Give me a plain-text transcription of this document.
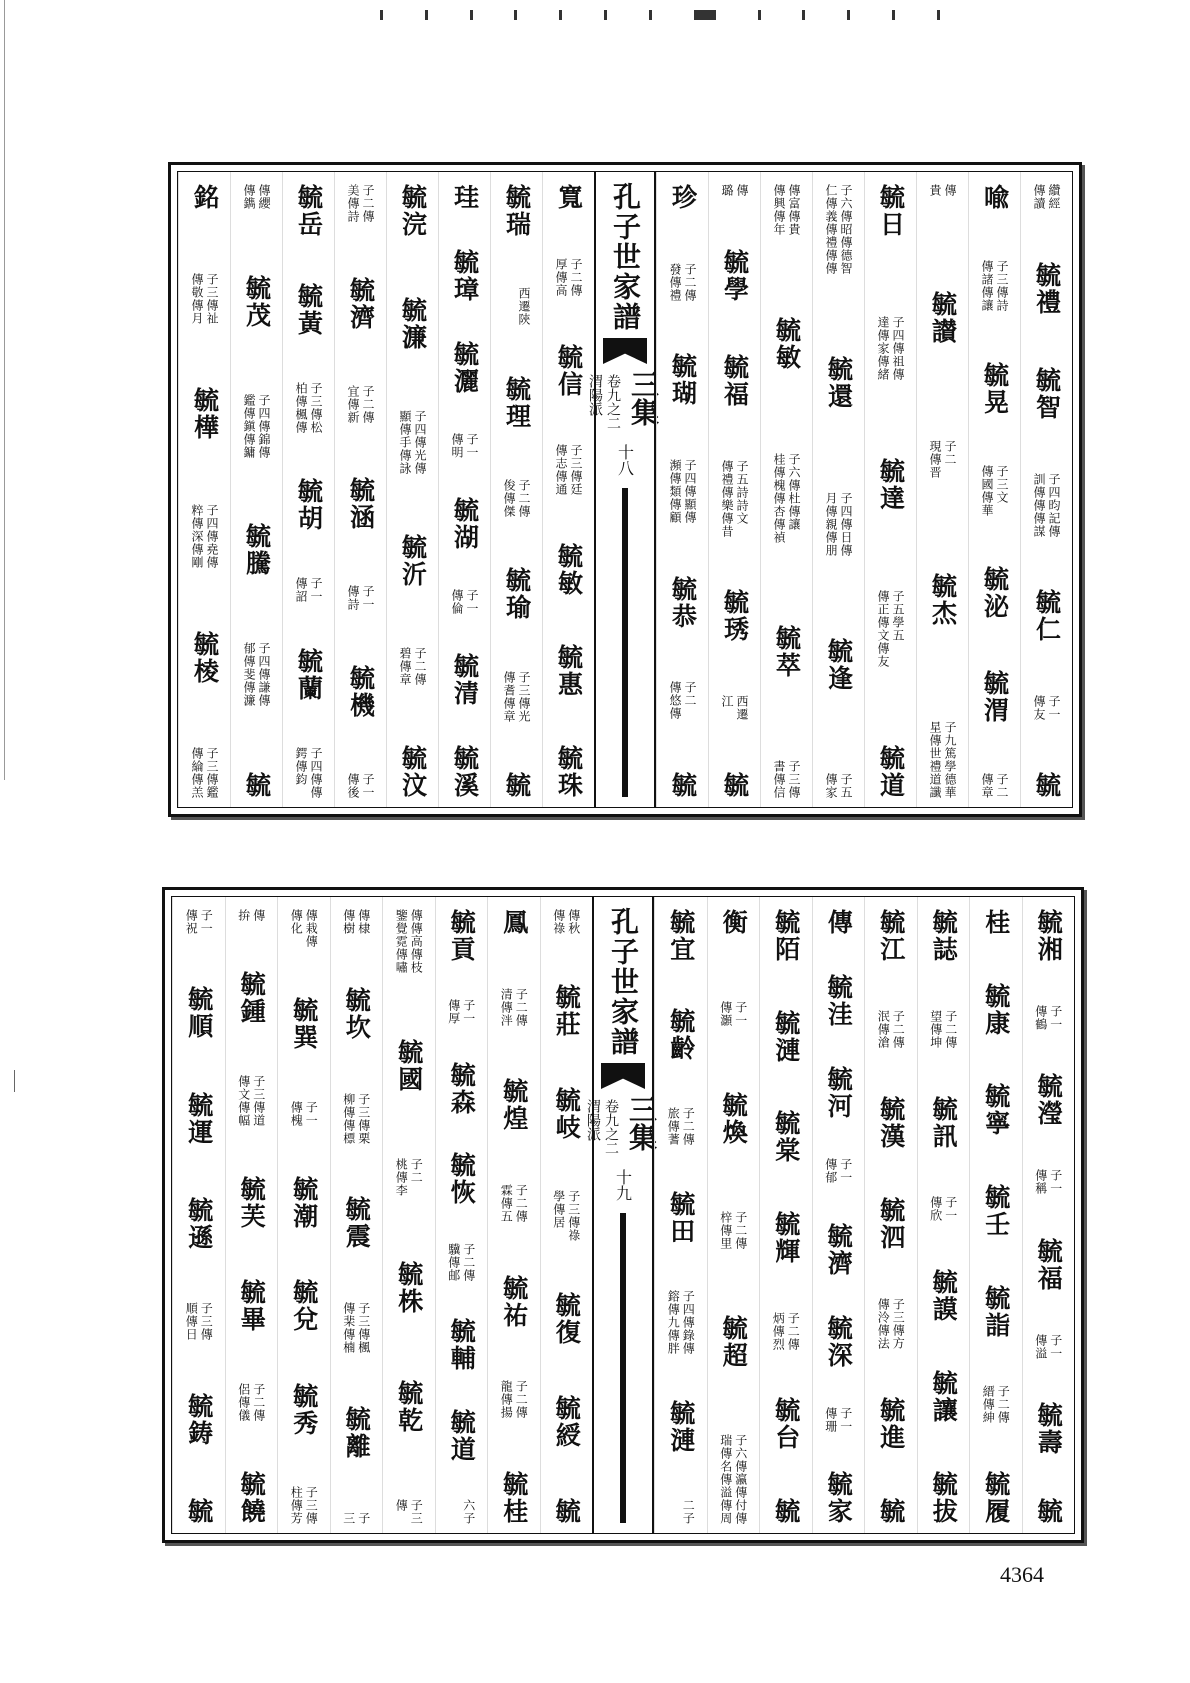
纘經
傳讀
毓禮
毓智
子四昀記傳
訓傳傳傳謀
毓仁
子一
傳友
毓
喩
子三傳詩
傳諸傳讓
毓晃
子三文
傳國傳華
毓泌
毓渭
子二
傳章
傳
貴
毓讃
子二
現傳晋
毓杰
子九篤學德華
星傳世禮道讖
毓日
子四傳祖傳
達傳家傳緒
毓達
子五學五
傳正傳文傳友
毓道
子六傳昭傳德智
仁傳義傳禮傳傳
毓還
子四傳日傳
月傳親傳朋
毓逢
子五
傳家
傳富傳貴
傳興傳年
毓敏
子六傳杜傳讓
桂傳槐傳杏傳禎
毓萃
子三傳
書傳信
傳
璐
毓學
毓福
子五詩詩文
傳禮傳樂傳昔
毓琇
西遷
江
毓
珍
子二傳
發傳禮
毓瑚
子四傳顯傳
瀕傳類傳顧
毓恭
子二
傳悠傳
毓
孔子世家譜
三集
卷九之二
渭陽派
十八
寬
子二傳
厚傳高
毓信
子三傳廷
傳志傳通
毓敏
毓惠
毓珠
毓瑞
西遷陝
毓理
子二傳
俊傳傑
毓瑜
子三傳光
傳耆傳章
毓
珪
毓璋
毓灑
子一
傳明
毓湖
子一
傳倫
毓清
毓溪
毓浣
毓濂
子四傳光傳
顯傳手傳詠
毓沂
子二傳
碧傳章
毓汶
子二傳
美傳詩
毓濟
子二傳
宜傳新
毓涵
子一
傳詩
毓機
子一
傳後
毓岳
毓黃
子三傳松
柏傳楓傳
毓胡
子一
傳詔
毓蘭
子四傳傳
鍔傳鈞
傳纓
傳鐫
毓茂
子四傳錦傳
鑑傳鎭傳鏞
毓騰
子四傳謙傳
郁傳斐傳濂
毓
銘
子三傳祉
傳敬傳月
毓樺
子四傳堯傳
粹傳深傳剛
毓棱
子三傳鑑
傳綸傳羔
毓湘
子一
傳鶴
毓瀅
子一
傳稱
毓福
子一
傳溢
毓壽
毓
桂
毓康
毓寧
毓壬
毓詣
子二傳
縉傳紳
毓履
毓誌
子二傳
望傳坤
毓訊
子一
傳欣
毓謨
毓讓
毓拔
毓江
子二傳
泯傳滄
毓漢
毓泗
子三傳方
傳泠傳法
毓進
毓
傳
毓洼
毓河
子一
傳郁
毓濟
毓深
子一
傳珊
毓家
毓陌
毓漣
毓棠
毓輝
子二傳
炳傳烈
毓台
毓
衡
子一
傳灝
毓煥
子二傳
梓傳里
毓超
子六傳瀛傳付傳
瑞傳名傳溢傳周
毓宜
毓齡
子二傳
旅傳蓍
毓田
子四傳錄傳
鎔傳九傳胖
毓漣
二子
孔子世家譜
三集
卷九之二
渭陽派
十九
傳秋
傳祿
毓莊
毓岐
子三傳祿
學傳居
毓復
毓綬
毓
鳳
子二傳
清傳泮
毓煌
子二傳
霖傳五
毓祐
子二傳
龍傳揚
毓桂
毓貢
子一
傳厚
毓森
毓恢
子二傳
驥傳邮
毓輔
毓道
六子
傳傳高傳枝
鑒覺霓傳嘯
毓國
子二
桃傳李
毓株
毓乾
子三
傳
傳棣
傳樹
毓坎
子三傳栗
柳傳傳標
毓震
子三傳楓
傳棐傳楠
毓離
子
三
傳栽傳
傳化
毓巽
子一
傳槐
毓潮
毓兌
毓秀
子三傳
柱傳芳
傳
拚
毓鍾
子三傳道
傳文傳幅
毓芙
毓畢
子二傳
侶傳儀
毓饒
子一
傳祝
毓順
毓運
毓遜
子三傳
順傳日
毓鋳
毓
4364
